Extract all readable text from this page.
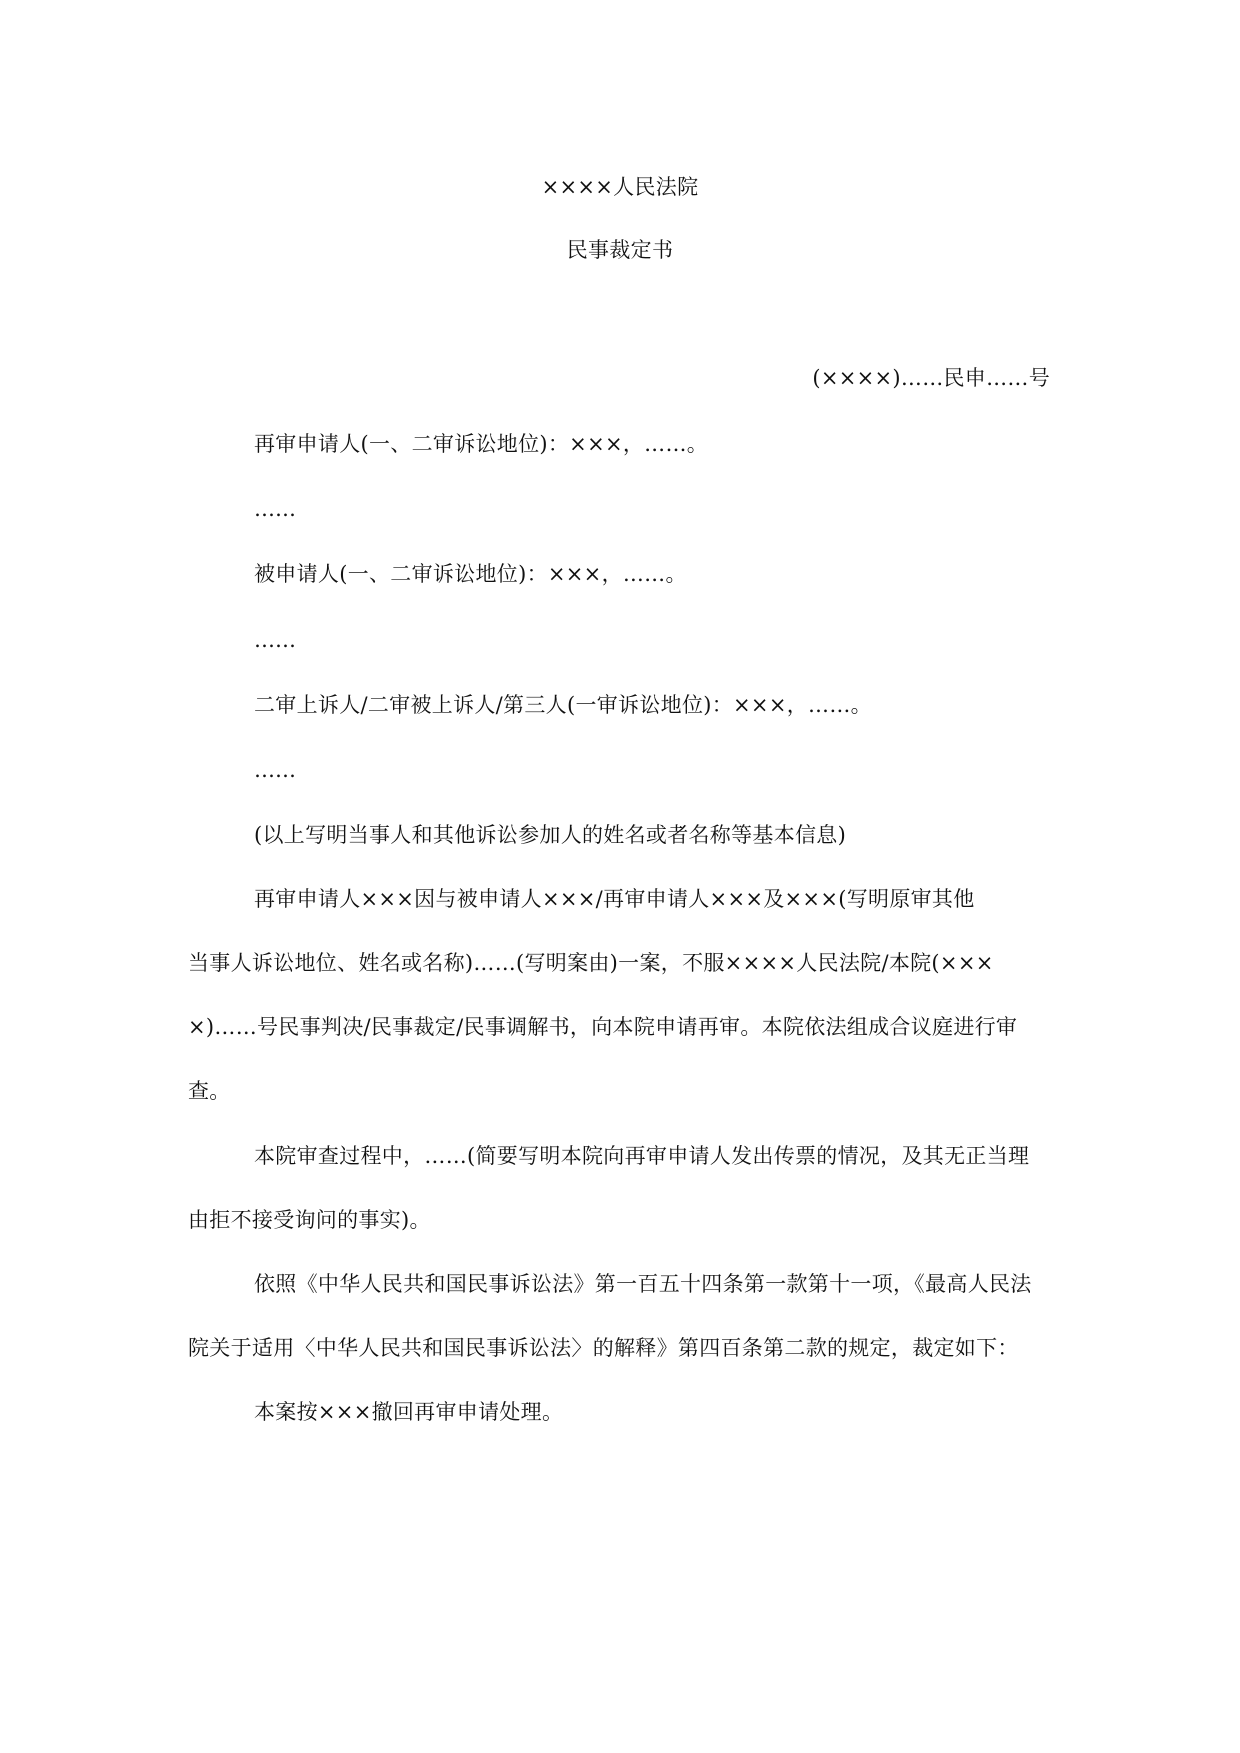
××××人民法院
民事裁定书
(××××)……民申……号
再审申请人(一、二审诉讼地位)：×××，……。
……
被申请人(一、二审诉讼地位)：×××，……。
……
二审上诉人/二审被上诉人/第三人(一审诉讼地位)：×××，……。
……
(以上写明当事人和其他诉讼参加人的姓名或者名称等基本信息)
再审申请人×××因与被申请人×××/再审申请人×××及×××(写明原审其他
当事人诉讼地位、姓名或名称)……(写明案由)一案，不服××××人民法院/本院(×××
×)……号民事判决/民事裁定/民事调解书，向本院申请再审。本院依法组成合议庭进行审
查。
本院审查过程中，……(简要写明本院向再审申请人发出传票的情况，及其无正当理
由拒不接受询问的事实)。
依照《中华人民共和国民事诉讼法》第一百五十四条第一款第十一项，《最高人民法
院关于适用〈中华人民共和国民事诉讼法〉的解释》第四百条第二款的规定，裁定如下：
本案按×××撤回再审申请处理。
